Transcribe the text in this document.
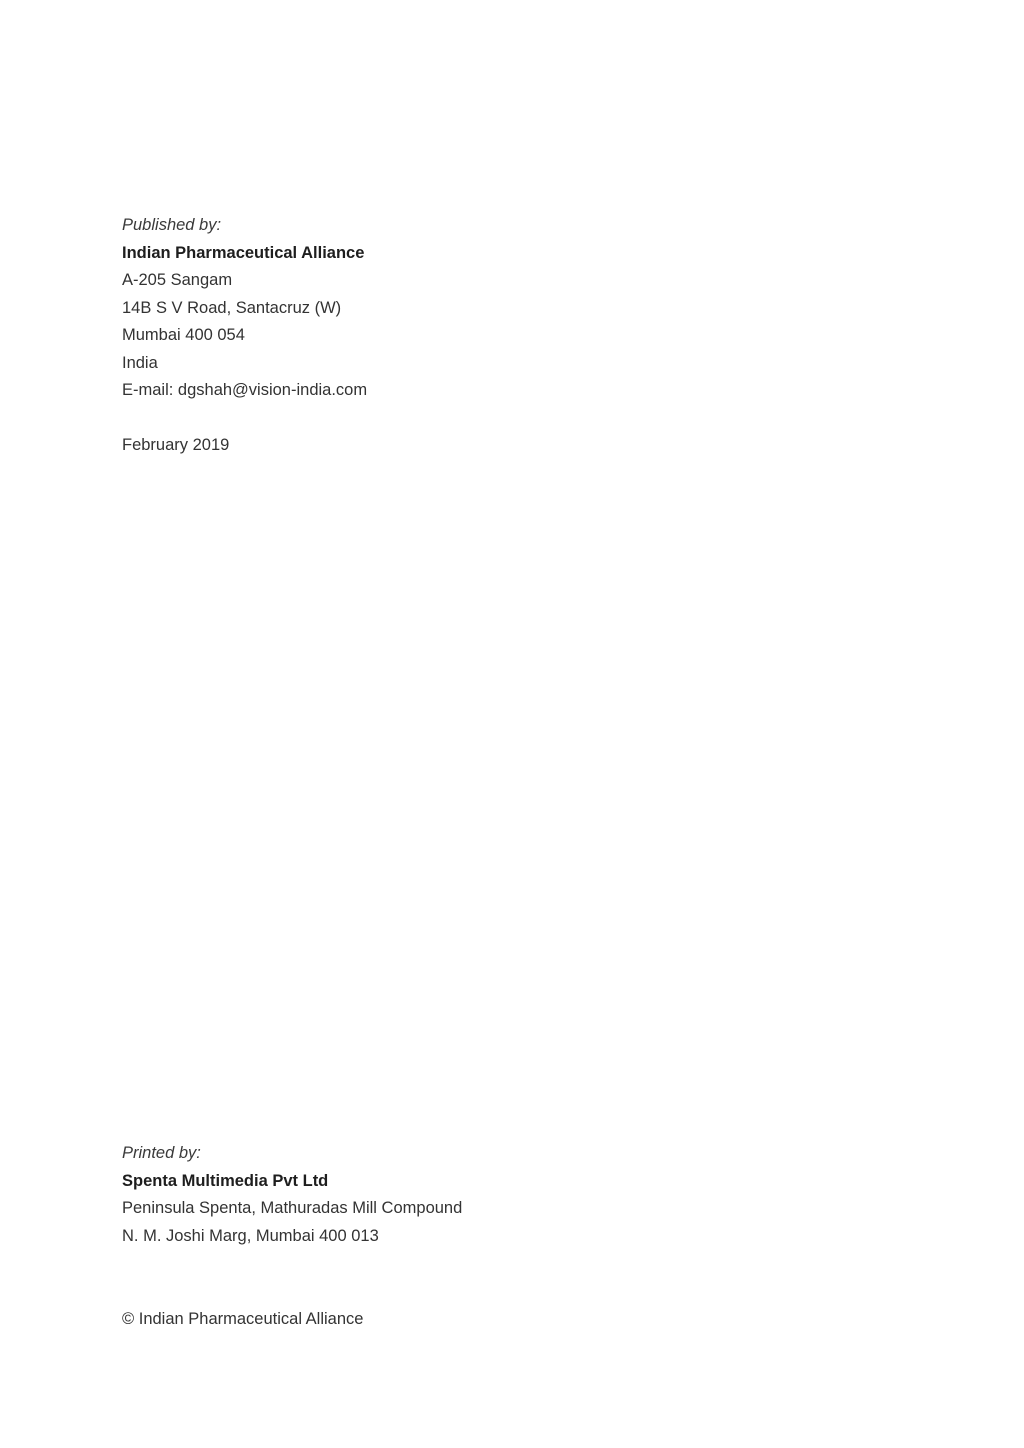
Published by:
Indian Pharmaceutical Alliance
A-205 Sangam
14B S V Road, Santacruz (W)
Mumbai 400 054
India
E-mail: dgshah@vision-india.com
February 2019
Printed by:
Spenta Multimedia Pvt Ltd
Peninsula Spenta, Mathuradas Mill Compound
N. M. Joshi Marg, Mumbai 400 013
© Indian Pharmaceutical Alliance
